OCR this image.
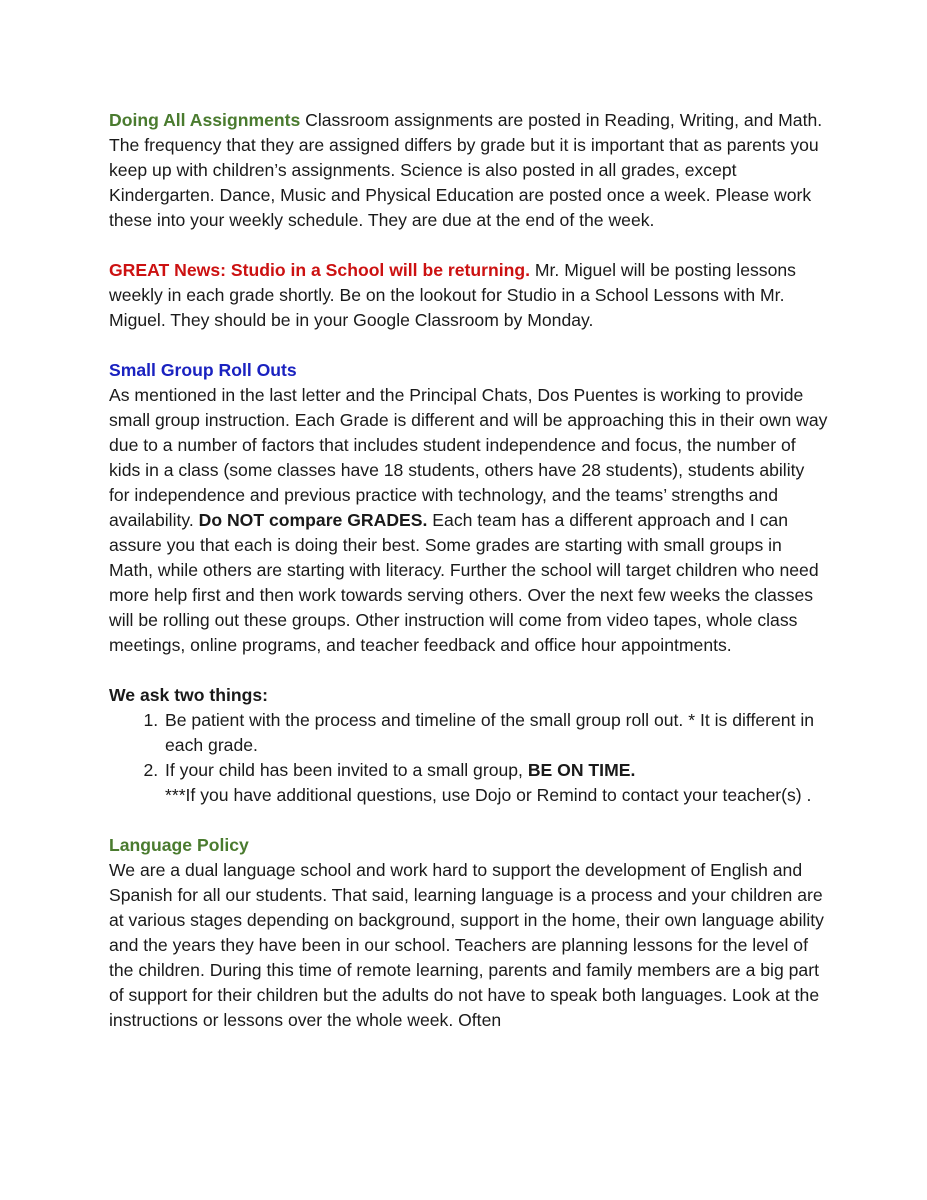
Doing All Assignments Classroom assignments are posted in Reading, Writing, and Math. The frequency that they are assigned differs by grade but it is important that as parents you keep up with children’s assignments. Science is also posted in all grades, except Kindergarten. Dance, Music and Physical Education are posted once a week. Please work these into your weekly schedule. They are due at the end of the week.

GREAT News: Studio in a School will be returning. Mr. Miguel will be posting lessons weekly in each grade shortly. Be on the lookout for Studio in a School Lessons with Mr. Miguel. They should be in your Google Classroom by Monday.

Small Group Roll Outs

As mentioned in the last letter and the Principal Chats, Dos Puentes is working to provide small group instruction. Each Grade is different and will be approaching this in their own way due to a number of factors that includes student independence and focus, the number of kids in a class (some classes have 18 students, others have 28 students), students ability for independence and previous practice with technology, and the teams’ strengths and availability. Do NOT compare GRADES. Each team has a different approach and I can assure you that each is doing their best. Some grades are starting with small groups in Math, while others are starting with literacy. Further the school will target children who need more help first and then work towards serving others. Over the next few weeks the classes will be rolling out these groups. Other instruction will come from video tapes, whole class meetings, online programs, and teacher feedback and office hour appointments.

We ask two things:

1. Be patient with the process and timeline of the small group roll out. * It is different in each grade.
2. If your child has been invited to a small group, BE ON TIME.
***If you have additional questions, use Dojo or Remind to contact your teacher(s) .

Language Policy

We are a dual language school and work hard to support the development of English and Spanish for all our students. That said, learning language is a process and your children are at various stages depending on background, support in the home, their own language ability and the years they have been in our school. Teachers are planning lessons for the level of the children. During this time of remote learning, parents and family members are a big part of support for their children but the adults do not have to speak both languages. Look at the instructions or lessons over the whole week. Often
